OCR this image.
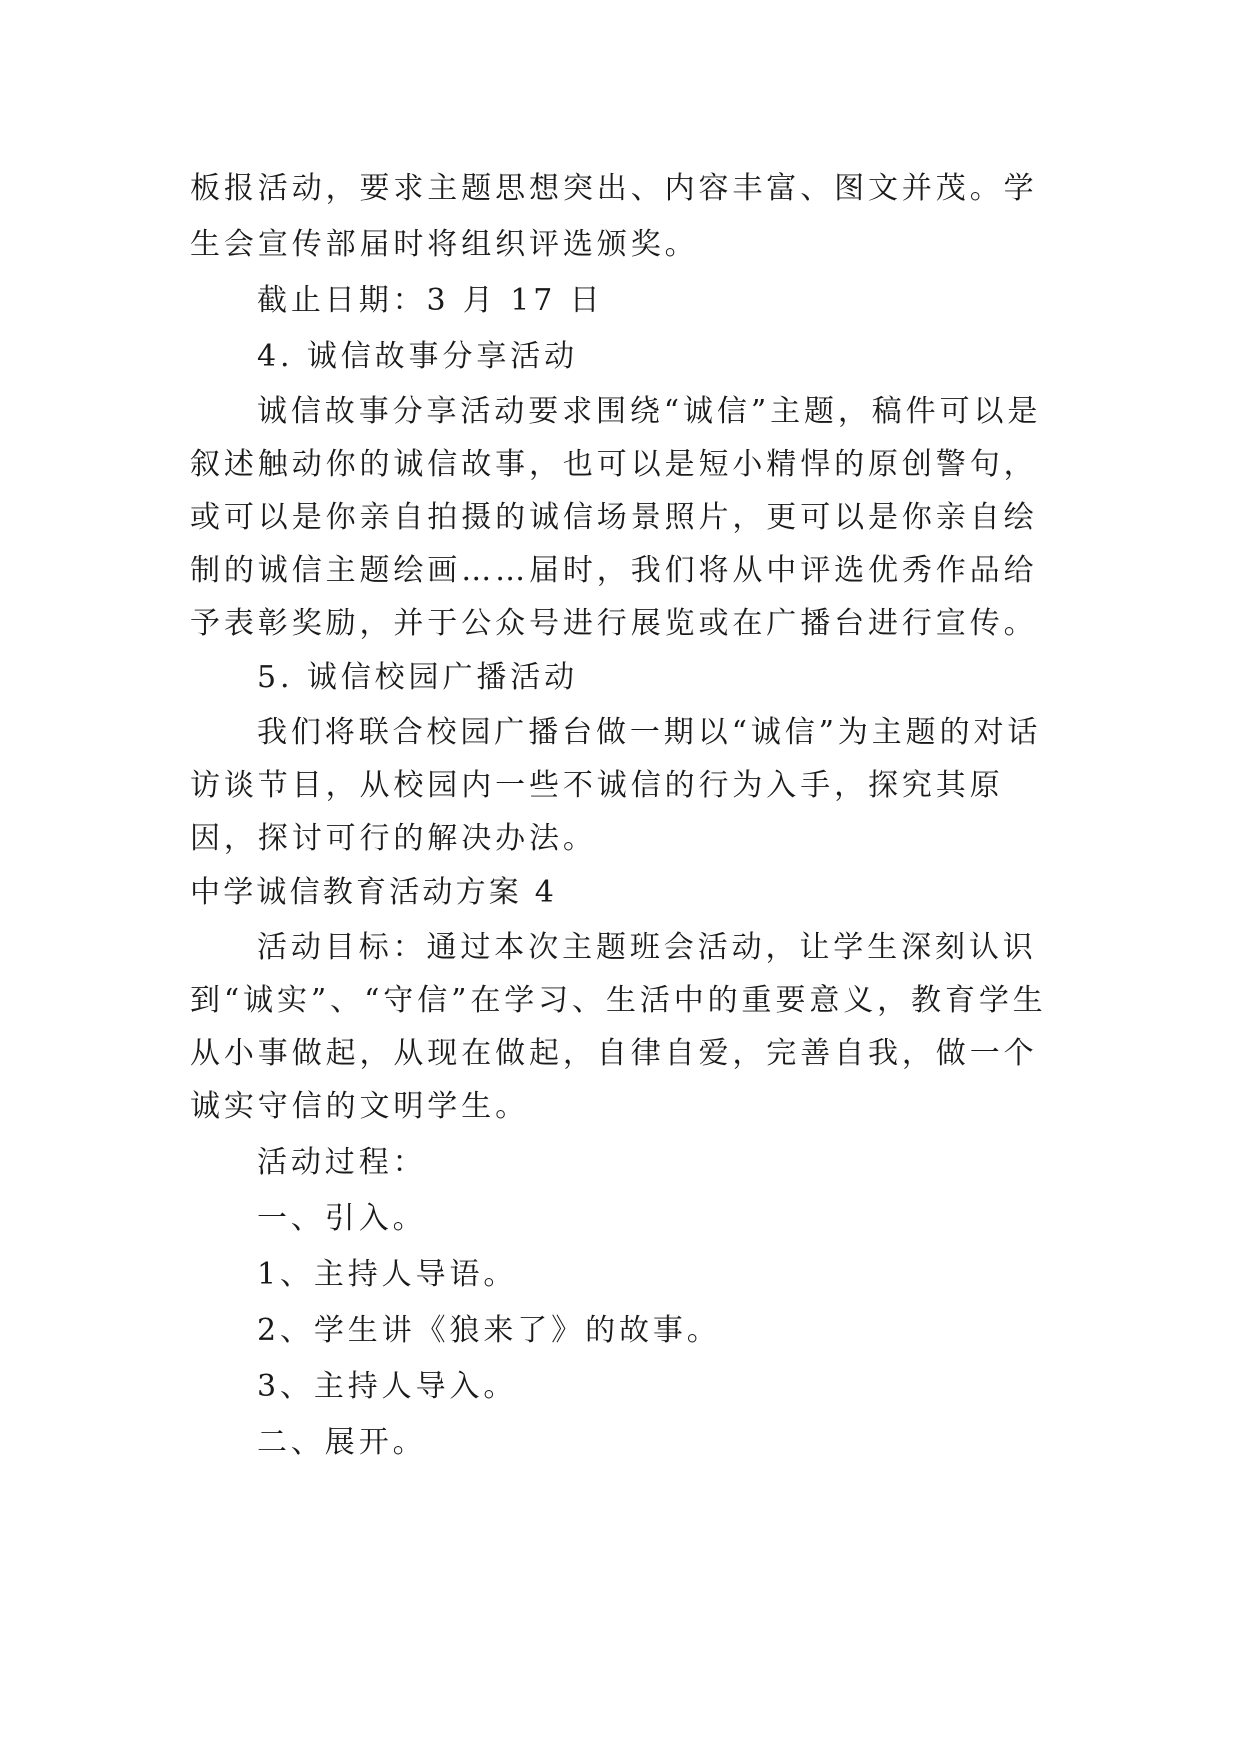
板报活动，要求主题思想突出、内容丰富、图文并茂。学生会宣传部届时将组织评选颁奖。

截止日期：3 月 17 日

4. 诚信故事分享活动

诚信故事分享活动要求围绕“诚信”主题，稿件可以是叙述触动你的诚信故事，也可以是短小精悍的原创警句，或可以是你亲自拍摄的诚信场景照片，更可以是你亲自绘制的诚信主题绘画……届时，我们将从中评选优秀作品给予表彰奖励，并于公众号进行展览或在广播台进行宣传。

5. 诚信校园广播活动

我们将联合校园广播台做一期以“诚信”为主题的对话访谈节目，从校园内一些不诚信的行为入手，探究其原因，探讨可行的解决办法。

中学诚信教育活动方案 4

活动目标：通过本次主题班会活动，让学生深刻认识到“诚实”、“守信”在学习、生活中的重要意义，教育学生从小事做起，从现在做起，自律自爱，完善自我，做一个诚实守信的文明学生。

活动过程：

一、引入。

1、主持人导语。

2、学生讲《狼来了》的故事。

3、主持人导入。

二、展开。
